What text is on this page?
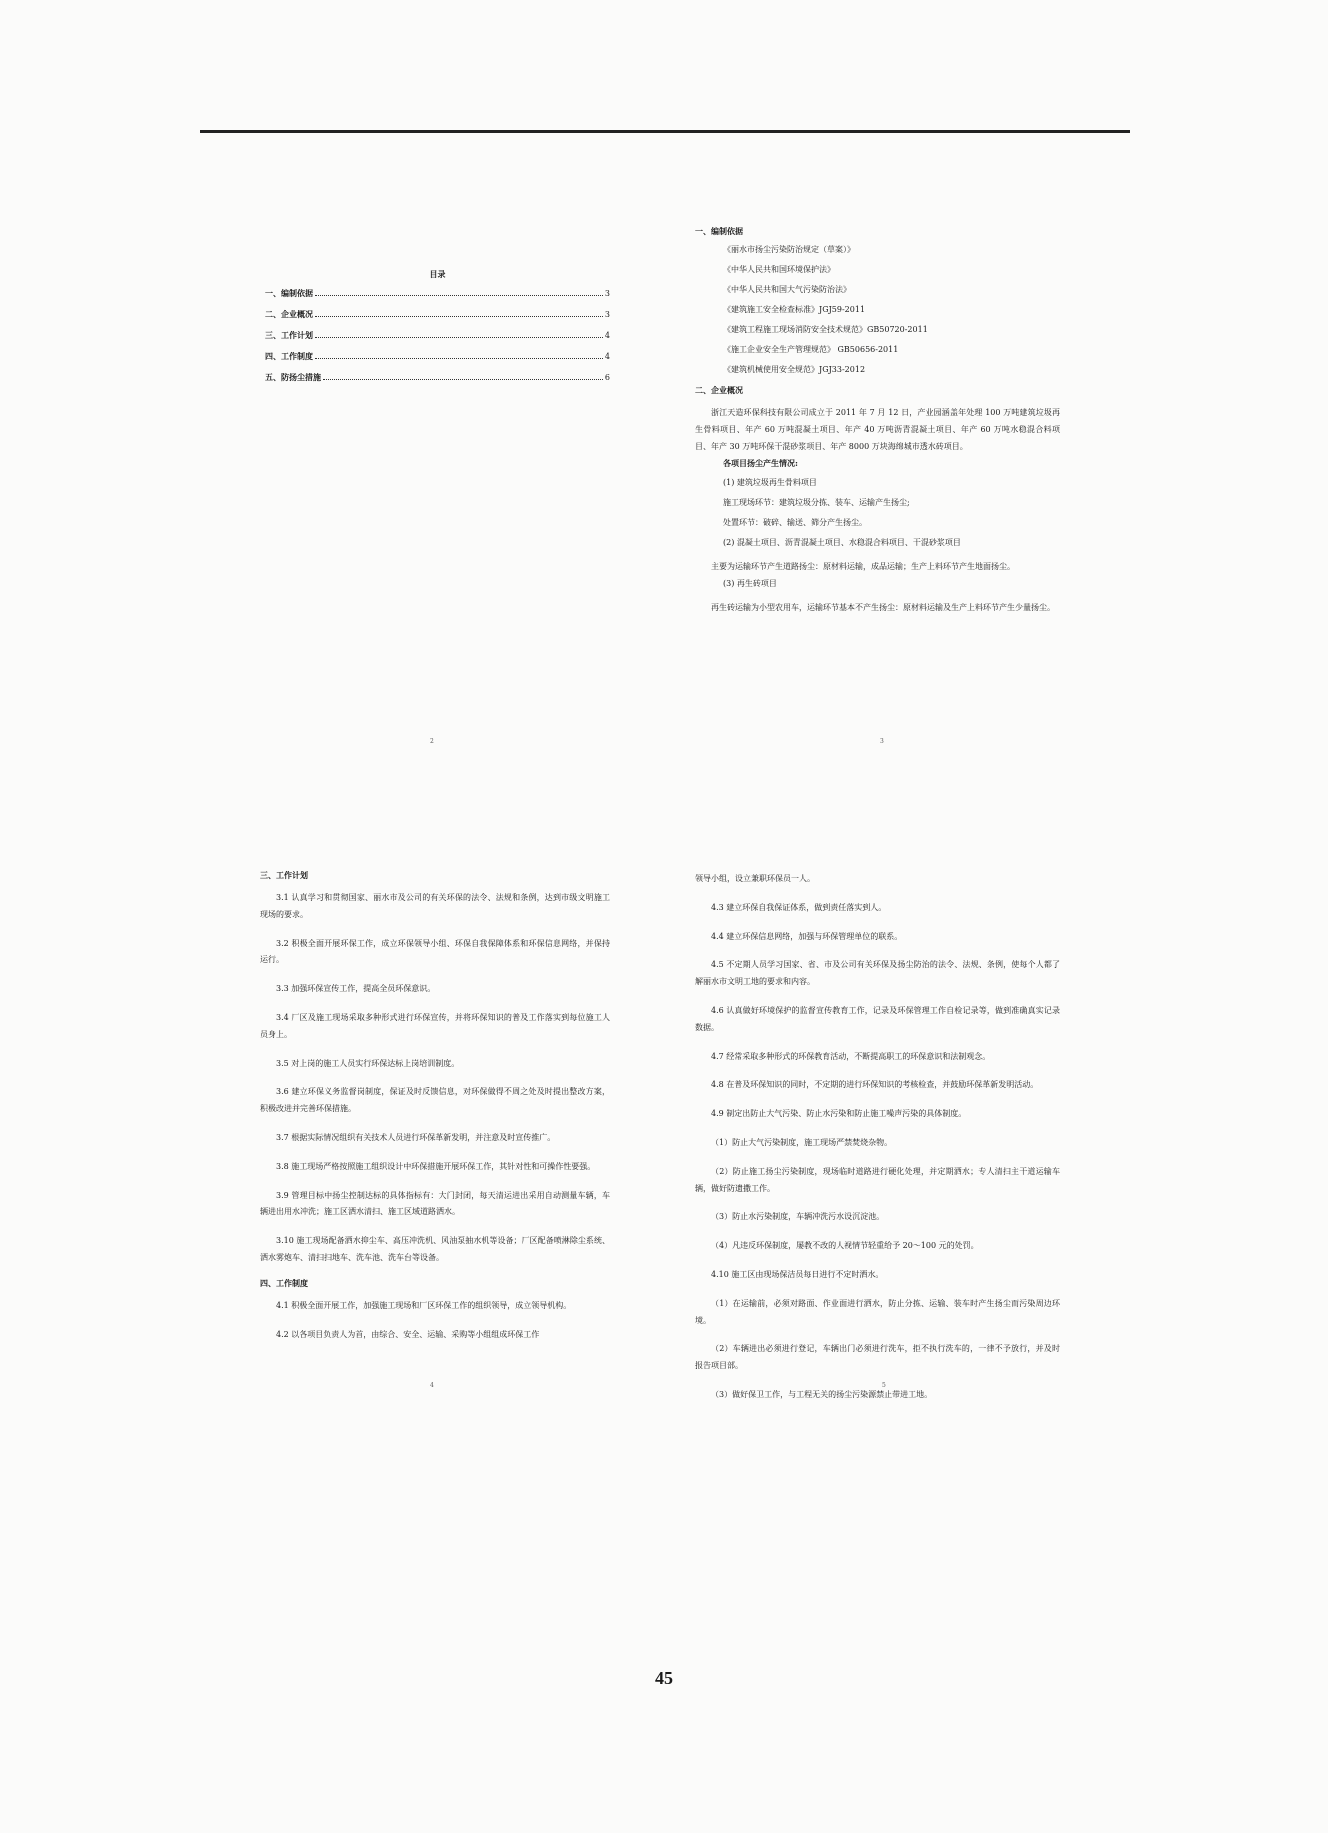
目录
一、编制依据	3
二、企业概况	3
三、工作计划	4
四、工作制度	4
五、防扬尘措施	6
2
一、编制依据
《丽水市扬尘污染防治规定（草案）》
《中华人民共和国环境保护法》
《中华人民共和国大气污染防治法》
《建筑施工安全检查标准》JGJ59-2011
《建筑工程施工现场消防安全技术规范》GB50720-2011
《施工企业安全生产管理规范》 GB50656-2011
《建筑机械使用安全规范》JGJ33-2012
二、企业概况
浙江天造环保科技有限公司成立于 2011 年 7 月 12 日，产业园涵盖年处理 100 万吨建筑垃圾再生骨料项目、年产 60 万吨混凝土项目、年产 40 万吨沥青混凝土项目、年产 60 万吨水稳混合料项目、年产 30 万吨环保干混砂浆项目、年产 8000 万块海绵城市透水砖项目。
各项目扬尘产生情况:
(1) 建筑垃圾再生骨料项目
施工现场环节：建筑垃圾分拣、装车、运输产生扬尘;
处置环节：破碎、输送、筛分产生扬尘。
(2) 混凝土项目、沥青混凝土项目、水稳混合料项目、干混砂浆项目
主要为运输环节产生道路扬尘：原材料运输，成品运输；生产上料环节产生地面扬尘。
(3) 再生砖项目
再生砖运输为小型农用车，运输环节基本不产生扬尘：原材料运输及生产上料环节产生少量扬尘。
3
三、工作计划
3.1 认真学习和贯彻国家、丽水市及公司的有关环保的法令、法规和条例，达到市级文明施工现场的要求。
3.2 积极全面开展环保工作，成立环保领导小组、环保自我保障体系和环保信息网络，并保持运行。
3.3 加强环保宣传工作，提高全员环保意识。
3.4 厂区及施工现场采取多种形式进行环保宣传，并将环保知识的普及工作落实到每位施工人员身上。
3.5 对上岗的施工人员实行环保达标上岗培训制度。
3.6 建立环保义务监督岗制度，保证及时反馈信息，对环保做得不周之处及时提出整改方案，积极改进并完善环保措施。
3.7 根据实际情况组织有关技术人员进行环保革新发明，并注意及时宣传推广。
3.8 施工现场严格按照施工组织设计中环保措施开展环保工作，其针对性和可操作性要强。
3.9 管理目标中扬尘控制达标的具体指标有：大门封闭，每天清运进出采用自动测量车辆，车辆进出用水冲洗；施工区洒水清扫、施工区域道路洒水。
3.10 施工现场配备洒水抑尘车、高压冲洗机、风油泵抽水机等设备；厂区配备喷淋除尘系统、洒水雾炮车、清扫扫地车、洗车池、洗车台等设备。
四、工作制度
4.1 积极全面开展工作，加强施工现场和厂区环保工作的组织领导，成立领导机构。
4.2 以各项目负责人为首，由综合、安全、运输、采购等小组组成环保工作
4
领导小组，设立兼职环保员一人。
4.3 建立环保自我保证体系，做到责任落实到人。
4.4 建立环保信息网络，加强与环保管理单位的联系。
4.5 不定期人员学习国家、省、市及公司有关环保及扬尘防治的法令、法规、条例，使每个人都了解丽水市文明工地的要求和内容。
4.6 认真做好环境保护的监督宣传教育工作，记录及环保管理工作自检记录等，做到准确真实记录数据。
4.7 经常采取多种形式的环保教育活动，不断提高职工的环保意识和法制观念。
4.8 在普及环保知识的同时，不定期的进行环保知识的考核检查，并鼓励环保革新发明活动。
4.9 制定出防止大气污染、防止水污染和防止施工噪声污染的具体制度。
（1）防止大气污染制度，施工现场严禁焚烧杂物。
（2）防止施工扬尘污染制度，现场临时道路进行硬化处理，并定期洒水；专人清扫主干道运输车辆，做好防遗撒工作。
（3）防止水污染制度，车辆冲洗污水设沉淀池。
（4）凡违反环保制度，屡教不改的人视情节轻重给予 20～100 元的处罚。
4.10 施工区由现场保洁员每日进行不定时洒水。
（1）在运输前，必须对路面、作业面进行洒水，防止分拣、运输、装车时产生扬尘而污染周边环境。
（2）车辆进出必须进行登记，车辆出门必须进行洗车，拒不执行洗车的，一律不予放行，并及时报告项目部。
（3）做好保卫工作，与工程无关的扬尘污染源禁止带进工地。
5
45
